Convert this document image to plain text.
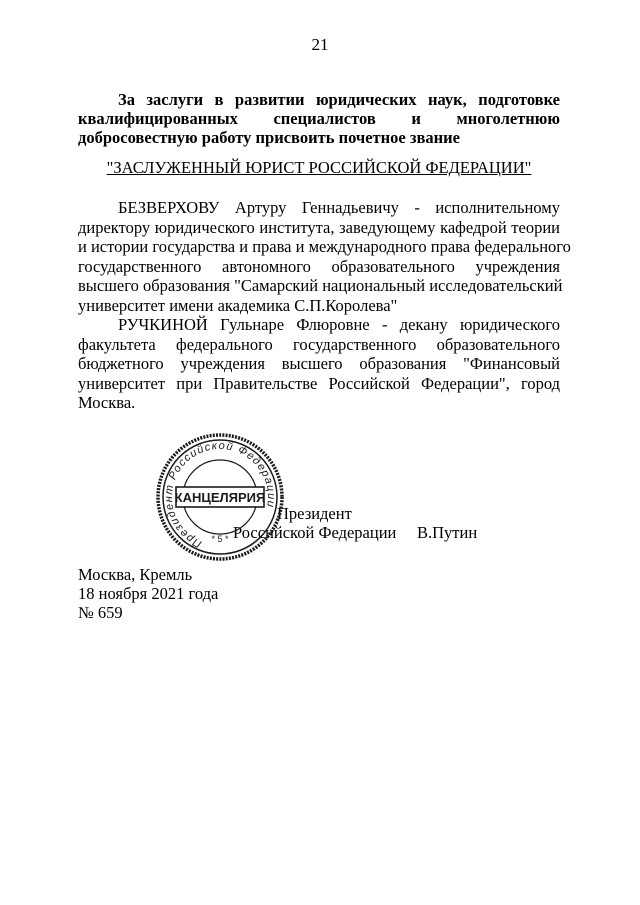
21
За заслуги в развитии юридических наук, подготовке
квалифицированных специалистов и многолетнюю
добросовестную работу присвоить почетное звание
"ЗАСЛУЖЕННЫЙ ЮРИСТ РОССИЙСКОЙ ФЕДЕРАЦИИ"
БЕЗВЕРХОВУ Артуру Геннадьевичу - исполнительному
директору юридического института, заведующему кафедрой теории
и истории государства и права и международного права федерального
государственного автономного образовательного учреждения
высшего образования "Самарский национальный исследовательский
университет имени академика С.П.Королева"
РУЧКИНОЙ Гульнаре Флюровне - декану юридического
факультета федерального государственного образовательного
бюджетного учреждения высшего образования "Финансовый
университет при Правительстве Российской Федерации", город
Москва.
Президент
Российской Федерации В.Путин
Президент Российской Федерации
КАНЦЕЛЯРИЯ
* 5 *
Москва, Кремль
18 ноября 2021 года
№ 659
